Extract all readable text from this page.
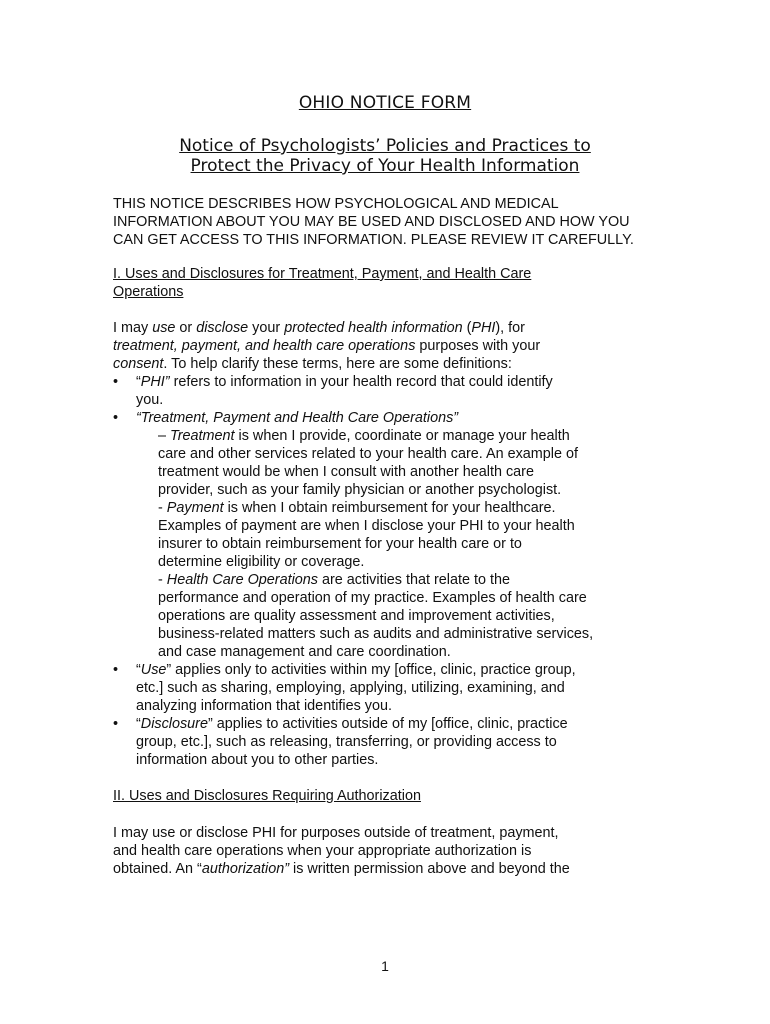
OHIO NOTICE FORM
Notice of Psychologists’ Policies and Practices to
Protect the Privacy of Your Health Information
THIS NOTICE DESCRIBES HOW PSYCHOLOGICAL AND MEDICAL
INFORMATION ABOUT YOU MAY BE USED AND DISCLOSED AND HOW YOU
CAN GET ACCESS TO THIS INFORMATION. PLEASE REVIEW IT CAREFULLY.
I. Uses and Disclosures for Treatment, Payment, and Health Care
Operations

I may use or disclose your protected health information (PHI), for
treatment, payment, and health care operations purposes with your
consent. To help clarify these terms, here are some definitions:

• “PHI” refers to information in your health record that could identify
you.
• “Treatment, Payment and Health Care Operations”
– Treatment is when I provide, coordinate or manage your health
care and other services related to your health care. An example of
treatment would be when I consult with another health care
provider, such as your family physician or another psychologist.
- Payment is when I obtain reimbursement for your healthcare.
Examples of payment are when I disclose your PHI to your health
insurer to obtain reimbursement for your health care or to
determine eligibility or coverage.
- Health Care Operations are activities that relate to the
performance and operation of my practice. Examples of health care
operations are quality assessment and improvement activities,
business-related matters such as audits and administrative services,
and case management and care coordination.
• “Use” applies only to activities within my [office, clinic, practice group,
etc.] such as sharing, employing, applying, utilizing, examining, and
analyzing information that identifies you.
• “Disclosure” applies to activities outside of my [office, clinic, practice
group, etc.], such as releasing, transferring, or providing access to
information about you to other parties.
II. Uses and Disclosures Requiring Authorization
I may use or disclose PHI for purposes outside of treatment, payment,
and health care operations when your appropriate authorization is
obtained. An “authorization” is written permission above and beyond the
1
